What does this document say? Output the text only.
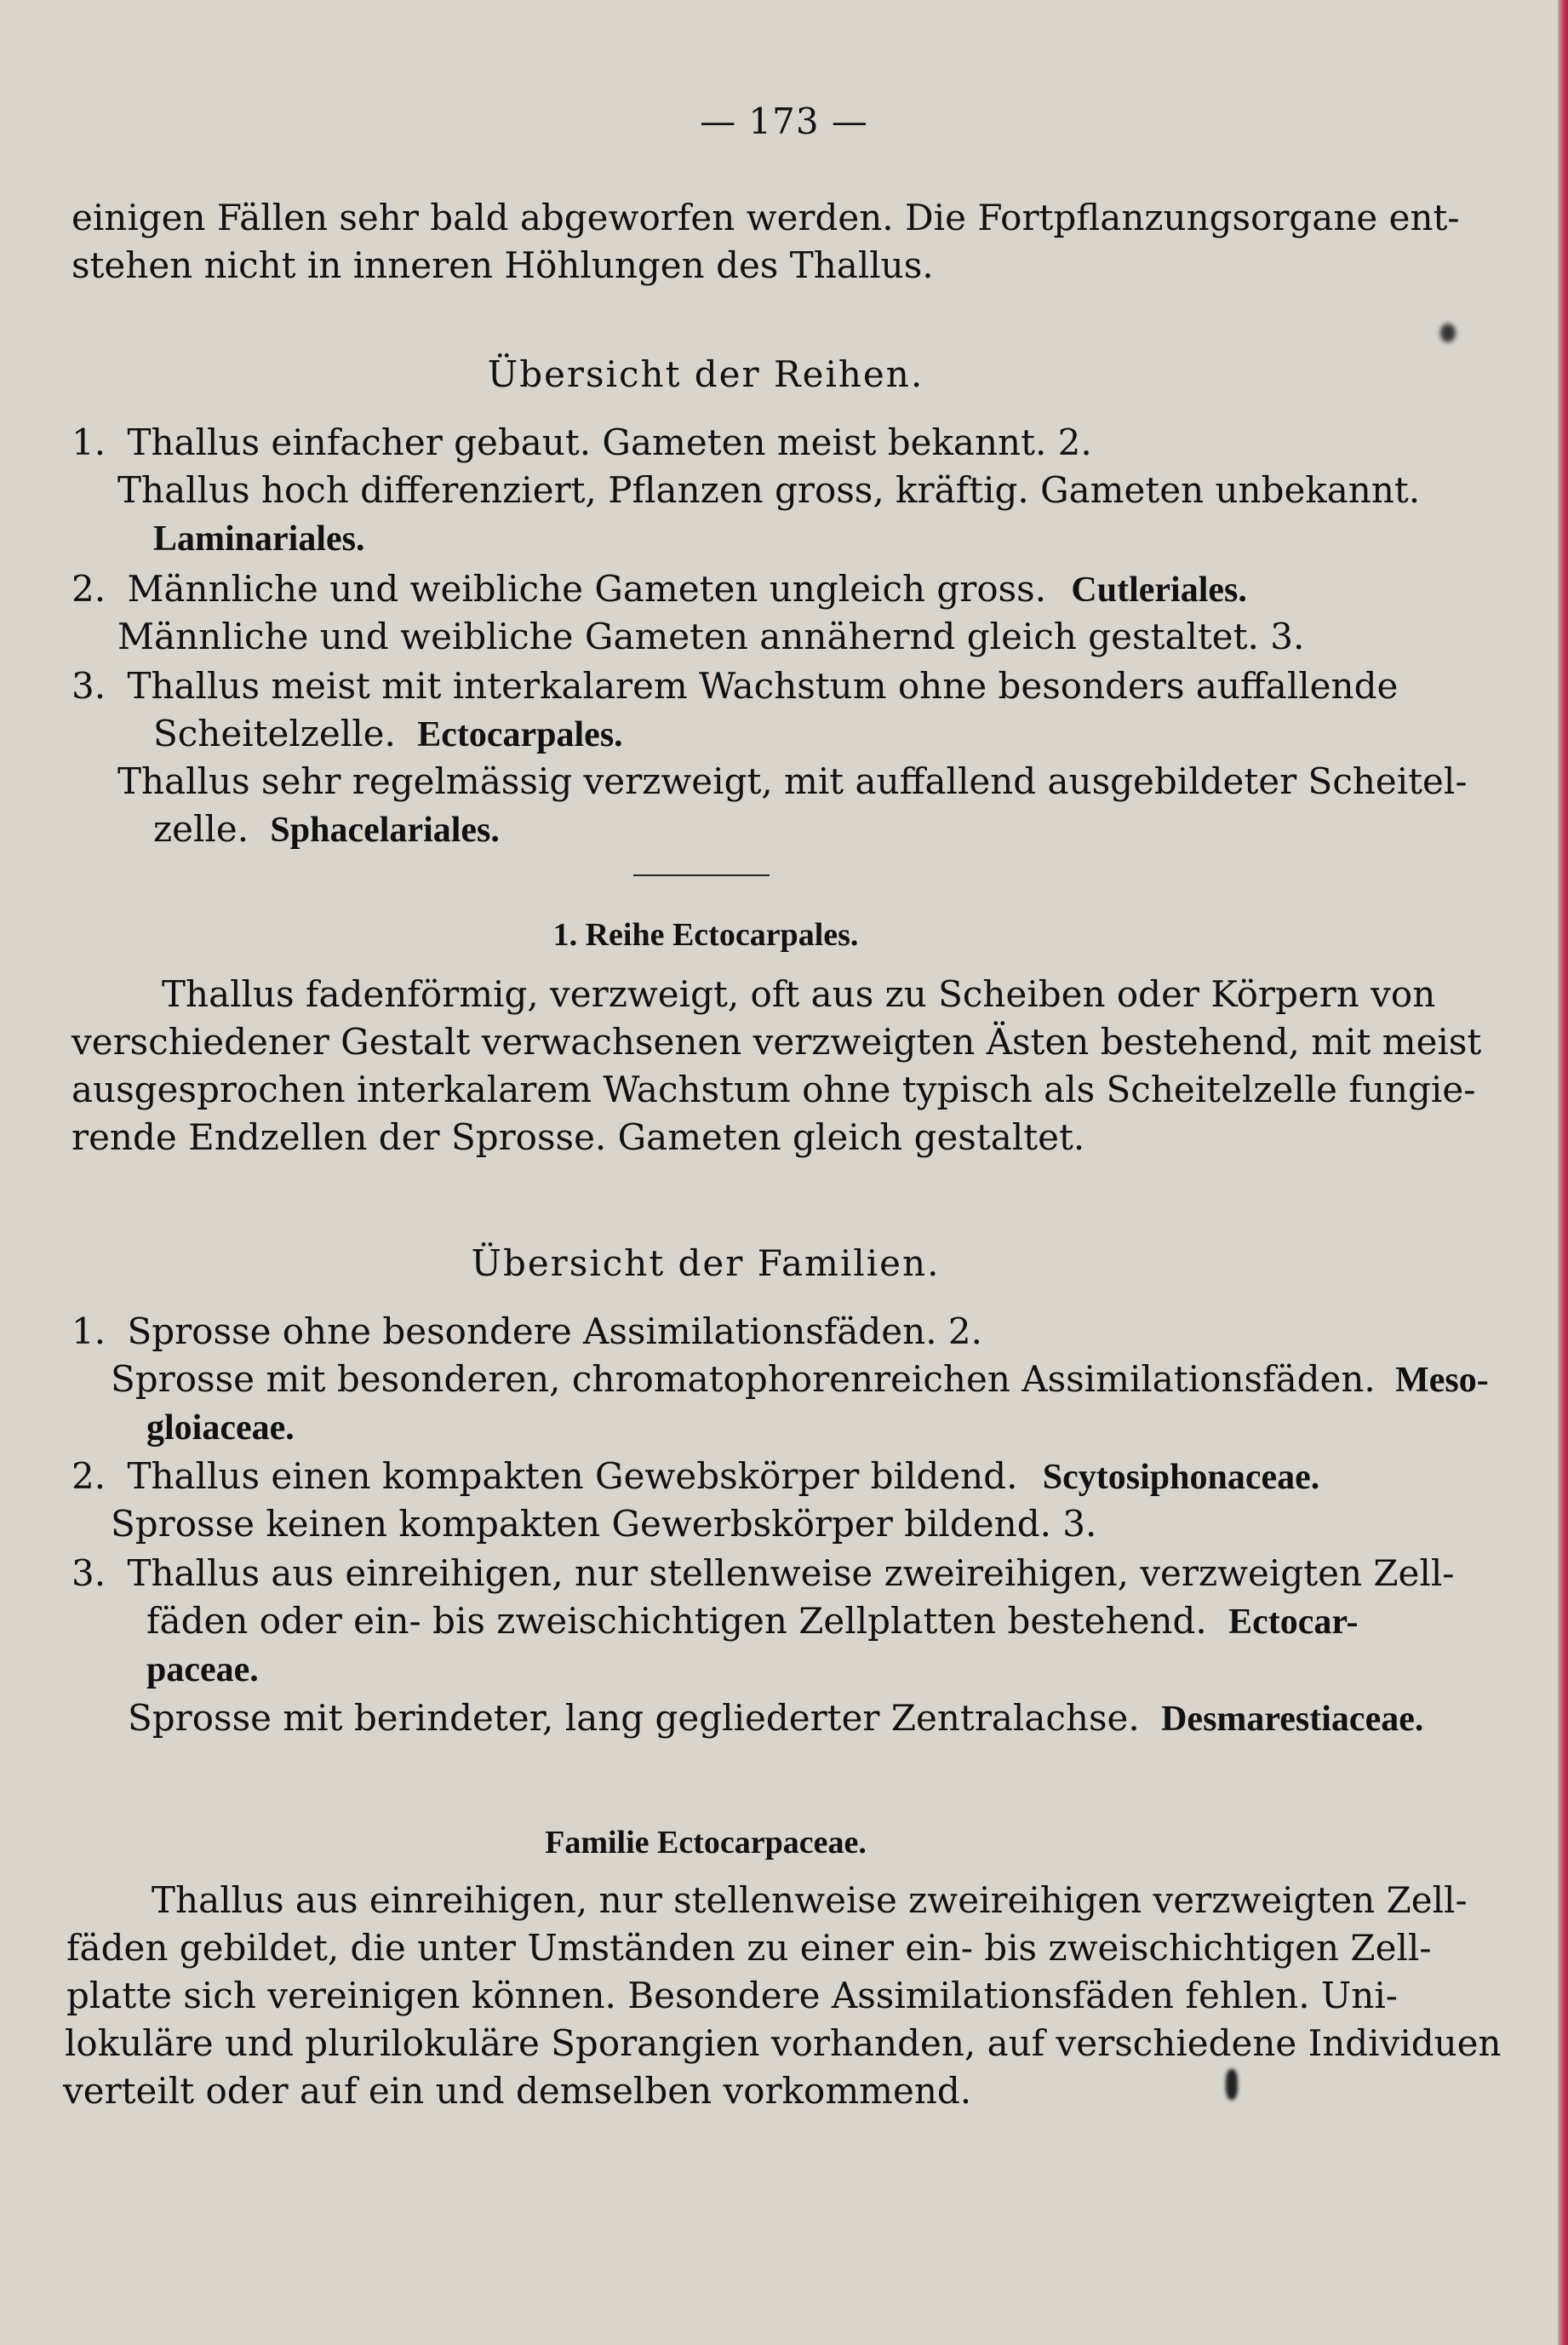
— 173 —
einigen Fällen sehr bald abgeworfen werden. Die Fortpflanzungsorgane ent-
stehen nicht in inneren Höhlungen des Thallus.
Übersicht der Reihen.
1. Thallus einfacher gebaut. Gameten meist bekannt. 2.
Thallus hoch differenziert, Pflanzen gross, kräftig. Gameten unbekannt.
Laminariales.
2. Männliche und weibliche Gameten ungleich gross. Cutleriales.
Männliche und weibliche Gameten annähernd gleich gestaltet. 3.
3. Thallus meist mit interkalarem Wachstum ohne besonders auffallende
Scheitelzelle. Ectocarpales.
Thallus sehr regelmässig verzweigt, mit auffallend ausgebildeter Scheitel-
zelle. Sphacelariales.
1. Reihe Ectocarpales.
Thallus fadenförmig, verzweigt, oft aus zu Scheiben oder Körpern von
verschiedener Gestalt verwachsenen verzweigten Ästen bestehend, mit meist
ausgesprochen interkalarem Wachstum ohne typisch als Scheitelzelle fungie-
rende Endzellen der Sprosse. Gameten gleich gestaltet.
Übersicht der Familien.
1. Sprosse ohne besondere Assimilationsfäden. 2.
Sprosse mit besonderen, chromatophorenreichen Assimilationsfäden. Meso-
gloiaceae.
2. Thallus einen kompakten Gewebskörper bildend. Scytosiphonaceae.
Sprosse keinen kompakten Gewerbskörper bildend. 3.
3. Thallus aus einreihigen, nur stellenweise zweireihigen, verzweigten Zell-
fäden oder ein- bis zweischichtigen Zellplatten bestehend. Ectocar-
paceae.
Sprosse mit berindeter, lang gegliederter Zentralachse. Desmarestiaceae.
Familie Ectocarpaceae.
Thallus aus einreihigen, nur stellenweise zweireihigen verzweigten Zell-
fäden gebildet, die unter Umständen zu einer ein- bis zweischichtigen Zell-
platte sich vereinigen können. Besondere Assimilationsfäden fehlen. Uni-
lokuläre und plurilokuläre Sporangien vorhanden, auf verschiedene Individuen
verteilt oder auf ein und demselben vorkommend.
